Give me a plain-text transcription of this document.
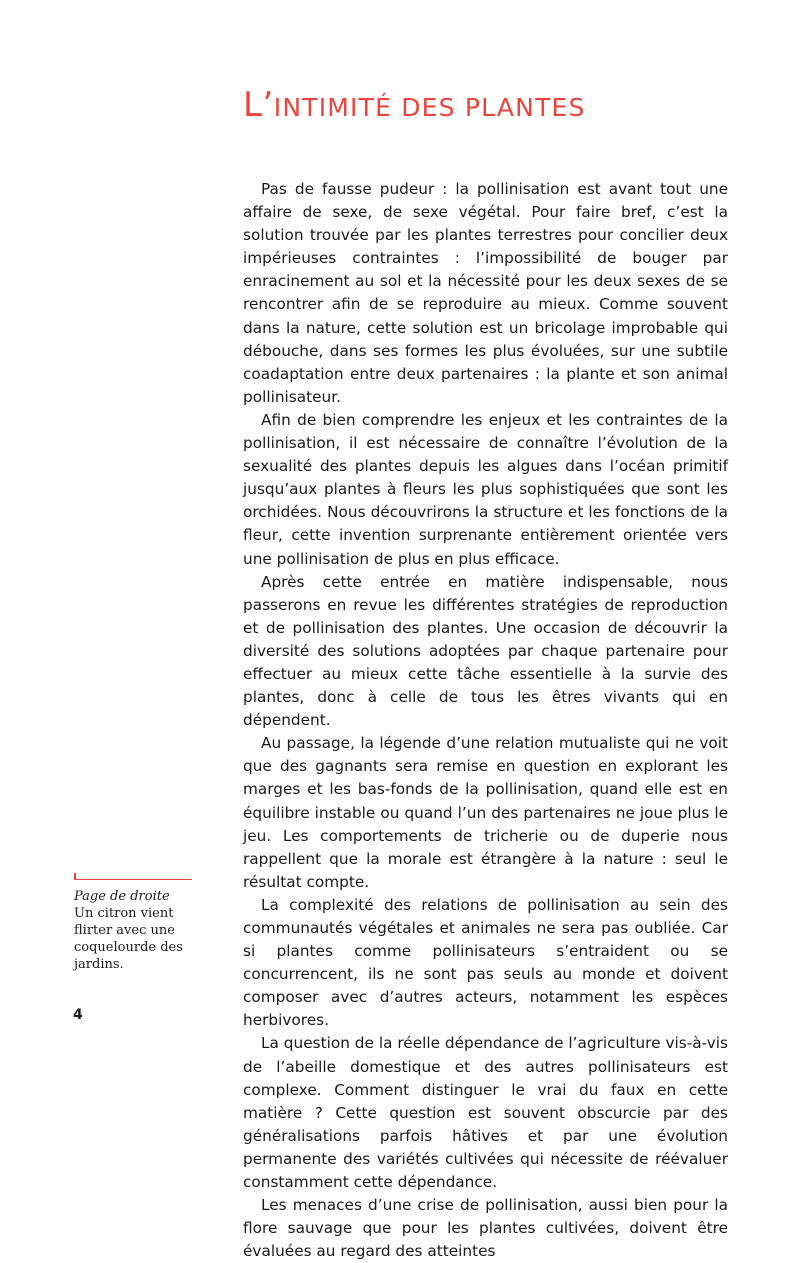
L’INTIMITÉ DES PLANTES

Pas de fausse pudeur : la pollinisation est avant tout une affaire de sexe, de sexe végétal. Pour faire bref, c’est la solution trouvée par les plantes terrestres pour concilier deux impérieuses contraintes : l’impossibilité de bouger par enracinement au sol et la nécessité pour les deux sexes de se rencontrer afin de se reproduire au mieux. Comme souvent dans la nature, cette solution est un bricolage improbable qui débouche, dans ses formes les plus évoluées, sur une subtile coadaptation entre deux partenaires : la plante et son animal pollinisateur.

Afin de bien comprendre les enjeux et les contraintes de la pollinisation, il est nécessaire de connaître l’évolution de la sexualité des plantes depuis les algues dans l’océan primitif jusqu’aux plantes à fleurs les plus sophistiquées que sont les orchidées. Nous découvrirons la structure et les fonctions de la fleur, cette invention surprenante entièrement orientée vers une pollinisation de plus en plus efficace.

Après cette entrée en matière indispensable, nous passerons en revue les différentes stratégies de reproduction et de pollinisation des plantes. Une occasion de découvrir la diversité des solutions adoptées par chaque partenaire pour effectuer au mieux cette tâche essentielle à la survie des plantes, donc à celle de tous les êtres vivants qui en dépendent.

Au passage, la légende d’une relation mutualiste qui ne voit que des gagnants sera remise en question en explorant les marges et les bas-fonds de la pollinisation, quand elle est en équilibre instable ou quand l’un des partenaires ne joue plus le jeu. Les comportements de tricherie ou de duperie nous rappellent que la morale est étrangère à la nature : seul le résultat compte.

La complexité des relations de pollinisation au sein des communautés végétales et animales ne sera pas oubliée. Car si plantes comme pollinisateurs s’entraident ou se concurrencent, ils ne sont pas seuls au monde et doivent composer avec d’autres acteurs, notamment les espèces herbivores.

La question de la réelle dépendance de l’agriculture vis-à-vis de l’abeille domestique et des autres pollinisateurs est complexe. Comment distinguer le vrai du faux en cette matière ? Cette question est souvent obscurcie par des généralisations parfois hâtives et par une évolution permanente des variétés cultivées qui nécessite de réévaluer constamment cette dépendance.

Les menaces d’une crise de pollinisation, aussi bien pour la flore sauvage que pour les plantes cultivées, doivent être évaluées au regard des atteintes

Page de droite
Un citron vient flirter avec une coquelourde des jardins.
4
